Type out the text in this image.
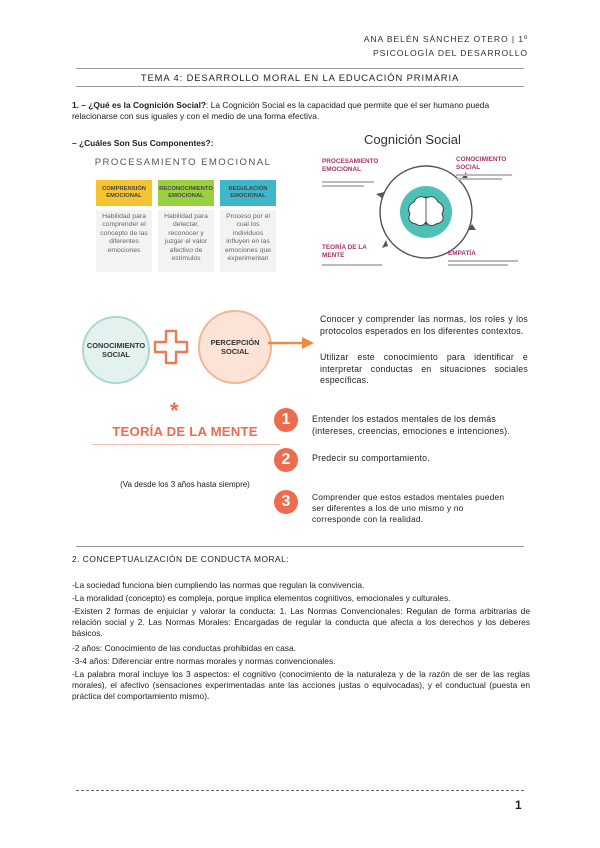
ANA BELÉN SÁNCHEZ OTERO | 1º
PSICOLOGÍA DEL DESARROLLO
TEMA 4: DESARROLLO MORAL EN LA EDUCACIÓN PRIMARIA
1. – ¿Qué es la Cognición Social?: La Cognición Social es la capacidad que permite que el ser humano pueda relacionarse con sus iguales y con el medio de una forma efectiva.
– ¿Cuáles Son Sus Componentes?:
PROCESAMIENTO EMOCIONAL
COMPRENSIÓN EMOCIONAL
Habilidad para comprender el concepto de las diferentes emociones
RECONOCIMIENTO EMOCIONAL
Habilidad para detectar, reconocer y juzgar el valor afectivo de estímulos
REGULACIÓN EMOCIONAL
Proceso por el cual los individuos influyen en las emociones que experimentan
Cognición Social
PROCESAMIENTO EMOCIONAL
CONOCIMIENTO SOCIAL
TEORÍA DE LA MENTE	EMPATÍA
CONOCIMIENTO SOCIAL
PERCEPCIÓN SOCIAL
Conocer y comprender las normas, los roles y los protocolos esperados en los diferentes contextos.
Utilizar este conocimiento para identificar e interpretar conductas en situaciones sociales específicas.
*
TEORÍA DE LA MENTE
(Va desde los 3 años hasta siempre)
1	Entender los estados mentales de los demás (intereses, creencias, emociones e intenciones).
2	Predecir su comportamiento.
3	Comprender que estos estados mentales pueden ser diferentes a los de uno mismo y no corresponde con la realidad.
2. CONCEPTUALIZACIÓN DE CONDUCTA MORAL:
-La sociedad funciona bien cumpliendo las normas que regulan la convivencia.
-La moralidad (concepto) es compleja, porque implica elementos cognitivos, emocionales y culturales.
-Existen 2 formas de enjuiciar y valorar la conducta: 1. Las Normas Convencionales: Regulan de forma arbitrarias de relación social y 2. Las Normas Morales: Encargadas de regular la conducta que afecta a los derechos y los deberes básicos.
-2 años: Conocimiento de las conductas prohibidas en casa.
-3-4 años: Diferenciar entre normas morales y normas convencionales.
-La palabra moral incluye los 3 aspectos: el cognitivo (conocimiento de la naturaleza y de la razón de ser de las reglas morales), el afectivo (sensaciones experimentadas ante las acciones justas o equivocadas), y el conductual (puesta en práctica del comportamiento mismo).
1
